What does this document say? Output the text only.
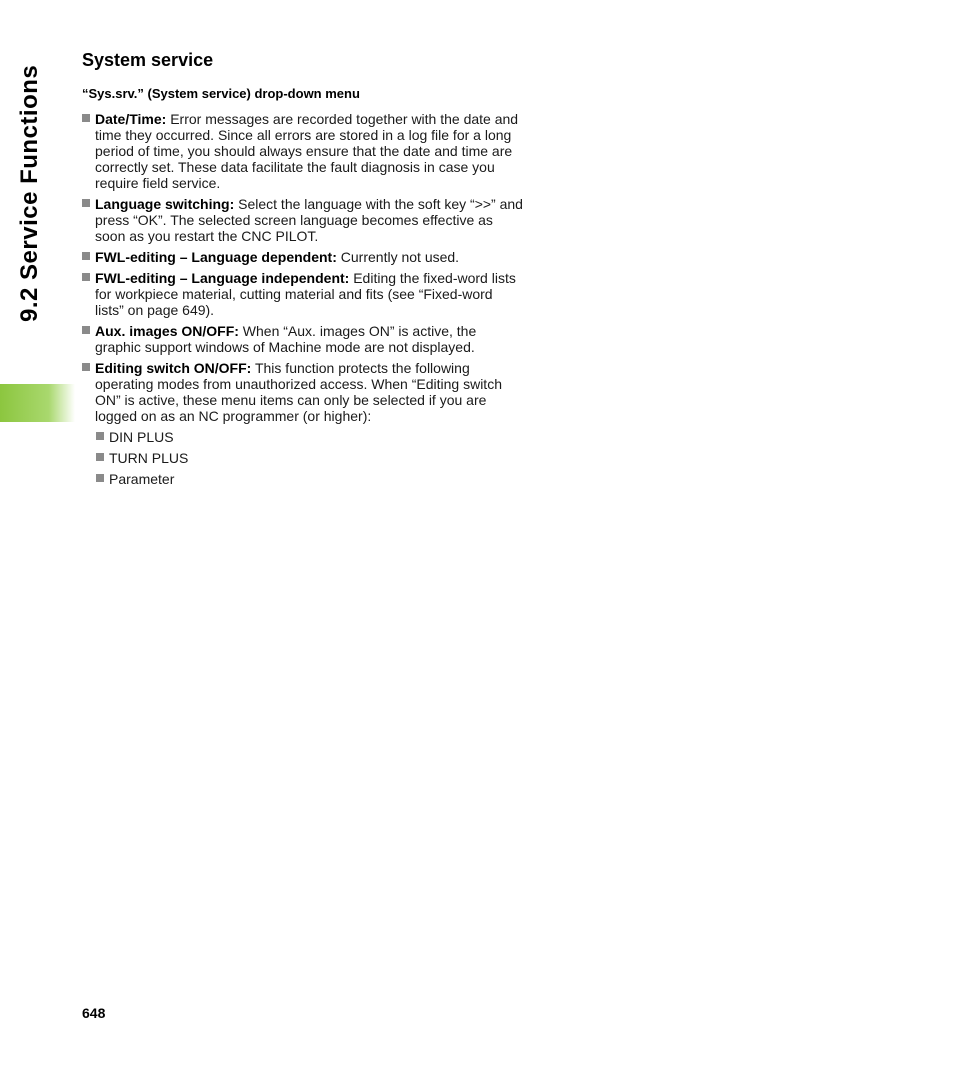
9.2 Service Functions
System service
“Sys.srv.” (System service) drop-down menu
Date/Time: Error messages are recorded together with the date and time they occurred. Since all errors are stored in a log file for a long period of time, you should always ensure that the date and time are correctly set. These data facilitate the fault diagnosis in case you require field service.
Language switching: Select the language with the soft key “>>” and press “OK”. The selected screen language becomes effective as soon as you restart the CNC PILOT.
FWL-editing – Language dependent: Currently not used.
FWL-editing – Language independent: Editing the fixed-word lists for workpiece material, cutting material and fits (see “Fixed-word lists” on page 649).
Aux. images ON/OFF: When “Aux. images ON” is active, the graphic support windows of Machine mode are not displayed.
Editing switch ON/OFF: This function protects the following operating modes from unauthorized access. When “Editing switch ON” is active, these menu items can only be selected if you are logged on as an NC programmer (or higher):
DIN PLUS
TURN PLUS
Parameter
648
